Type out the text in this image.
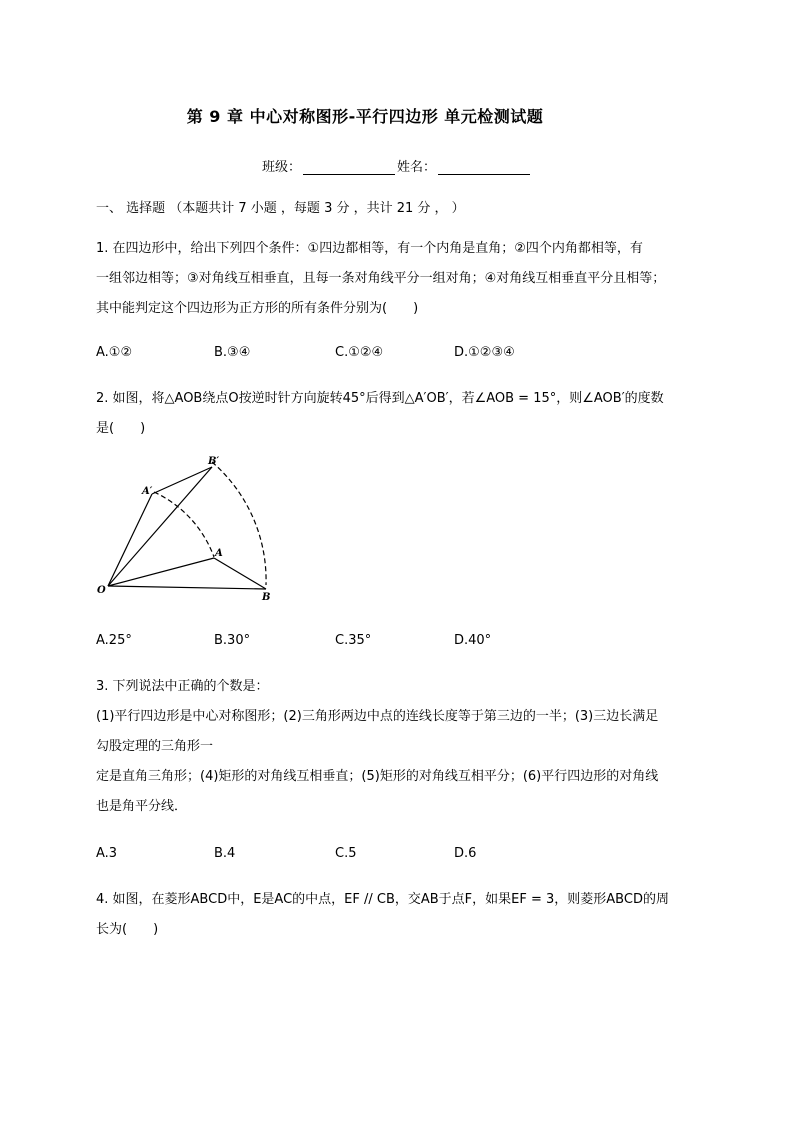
第 9 章 中心对称图形-平行四边形 单元检测试题
班级：	姓名：
一、 选择题 （本题共计 7 小题 ，每题 3 分 ，共计 21 分 ， ）
1. 在四边形中，给出下列四个条件：①四边都相等，有一个内角是直角；②四个内角都相等，有
一组邻边相等；③对角线互相垂直，且每一条对角线平分一组对角；④对角线互相垂直平分且相等；
其中能判定这个四边形为正方形的所有条件分别为(　　)
A.①②	B.③④	C.①②④	D.①②③④
2. 如图，将△AOB绕点O按逆时针方向旋转45°后得到△A′OB′，若∠AOB = 15°，则∠AOB′的度数
是(　　)
O
A
B
A′
B′
A.25°	B.30°	C.35°	D.40°
3. 下列说法中正确的个数是：
(1)平行四边形是中心对称图形；(2)三角形两边中点的连线长度等于第三边的一半；(3)三边长满足
勾股定理的三角形一
定是直角三角形；(4)矩形的对角线互相垂直；(5)矩形的对角线互相平分；(6)平行四边形的对角线
也是角平分线．
A.3	B.4	C.5	D.6
4. 如图，在菱形ABCD中，E是AC的中点，EF // CB，交AB于点F，如果EF = 3，则菱形ABCD的周
长为(　　)
